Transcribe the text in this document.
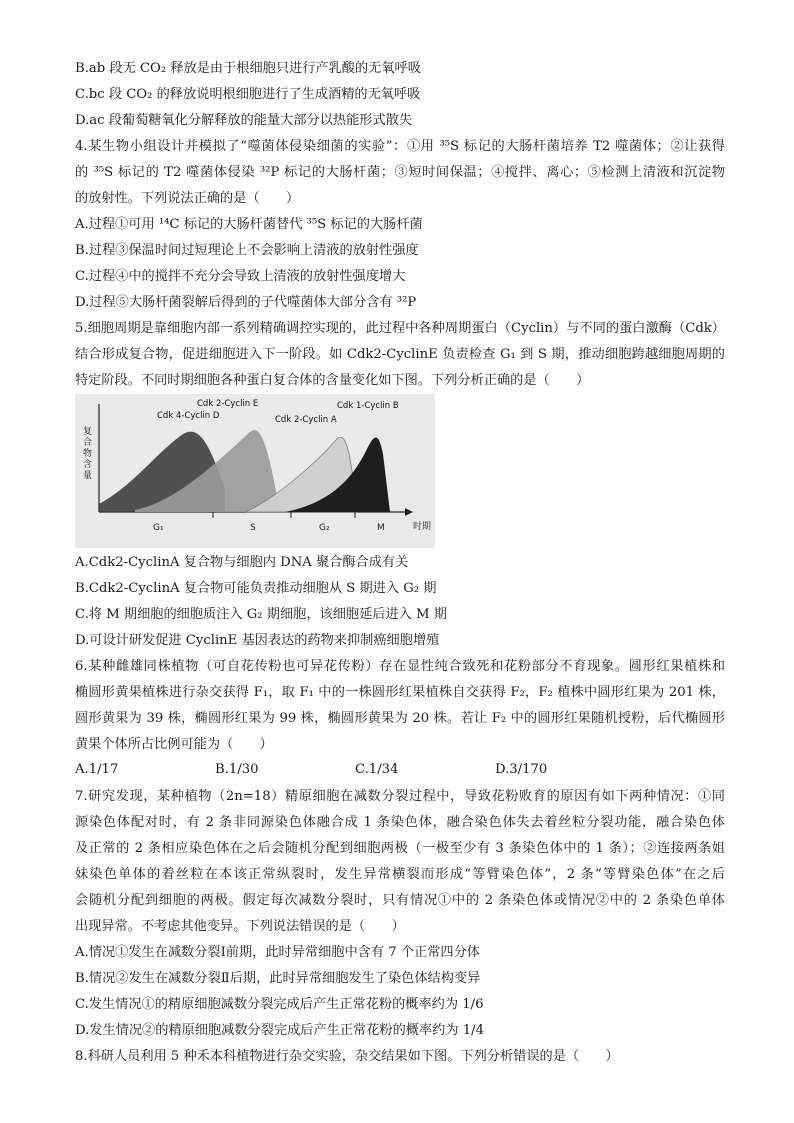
B.ab 段无 CO₂ 释放是由于根细胞只进行产乳酸的无氧呼吸
C.bc 段 CO₂ 的释放说明根细胞进行了生成酒精的无氧呼吸
D.ac 段葡萄糖氧化分解释放的能量大部分以热能形式散失
4.某生物小组设计并模拟了“噬菌体侵染细菌的实验”：①用 ³⁵S 标记的大肠杆菌培养 T2 噬菌体；②让获得
的 ³⁵S 标记的 T2 噬菌体侵染 ³²P 标记的大肠杆菌；③短时间保温；④搅拌、离心；⑤检测上清液和沉淀物
的放射性。下列说法正确的是（　　）
A.过程①可用 ¹⁴C 标记的大肠杆菌替代 ³⁵S 标记的大肠杆菌
B.过程③保温时间过短理论上不会影响上清液的放射性强度
C.过程④中的搅拌不充分会导致上清液的放射性强度增大
D.过程⑤大肠杆菌裂解后得到的子代噬菌体大部分含有 ³²P
5.细胞周期是靠细胞内部一系列精确调控实现的，此过程中各种周期蛋白（Cyclin）与不同的蛋白激酶（Cdk）
结合形成复合物，促进细胞进入下一阶段。如 Cdk2-CyclinE 负责检查 G₁ 到 S 期，推动细胞跨越细胞周期的
特定阶段。不同时期细胞各种蛋白复合体的含量变化如下图。下列分析正确的是（　　）
复
合
物
含
量
时期
G₁	S	G₂	M
Cdk 4-Cyclin D
Cdk 2-Cyclin E
Cdk 2-Cyclin A
Cdk 1-Cyclin B
A.Cdk2-CyclinA 复合物与细胞内 DNA 聚合酶合成有关
B.Cdk2-CyclinA 复合物可能负责推动细胞从 S 期进入 G₂ 期
C.将 M 期细胞的细胞质注入 G₂ 期细胞，该细胞延后进入 M 期
D.可设计研发促进 CyclinE 基因表达的药物来抑制癌细胞增殖
6.某种雌雄同株植物（可自花传粉也可异花传粉）存在显性纯合致死和花粉部分不育现象。圆形红果植株和
椭圆形黄果植株进行杂交获得 F₁，取 F₁ 中的一株圆形红果植株自交获得 F₂，F₂ 植株中圆形红果为 201 株，
圆形黄果为 39 株，椭圆形红果为 99 株，椭圆形黄果为 20 株。若让 F₂ 中的圆形红果随机授粉，后代椭圆形
黄果个体所占比例可能为（　　）
A.1/17	B.1/30	C.1/34	D.3/170
7.研究发现，某种植物（2n=18）精原细胞在减数分裂过程中，导致花粉败育的原因有如下两种情况：①同
源染色体配对时，有 2 条非同源染色体融合成 1 条染色体，融合染色体失去着丝粒分裂功能，融合染色体
及正常的 2 条相应染色体在之后会随机分配到细胞两极（一极至少有 3 条染色体中的 1 条）；②连接两条姐
妹染色单体的着丝粒在本该正常纵裂时，发生异常横裂而形成“等臂染色体”，2 条“等臂染色体”在之后
会随机分配到细胞的两极。假定每次减数分裂时，只有情况①中的 2 条染色体或情况②中的 2 条染色单体
出现异常。不考虑其他变异。下列说法错误的是（　　）
A.情况①发生在减数分裂Ⅰ前期，此时异常细胞中含有 7 个正常四分体
B.情况②发生在减数分裂Ⅱ后期，此时异常细胞发生了染色体结构变异
C.发生情况①的精原细胞减数分裂完成后产生正常花粉的概率约为 1/6
D.发生情况②的精原细胞减数分裂完成后产生正常花粉的概率约为 1/4
8.科研人员利用 5 种禾本科植物进行杂交实验，杂交结果如下图。下列分析错误的是（　　）
